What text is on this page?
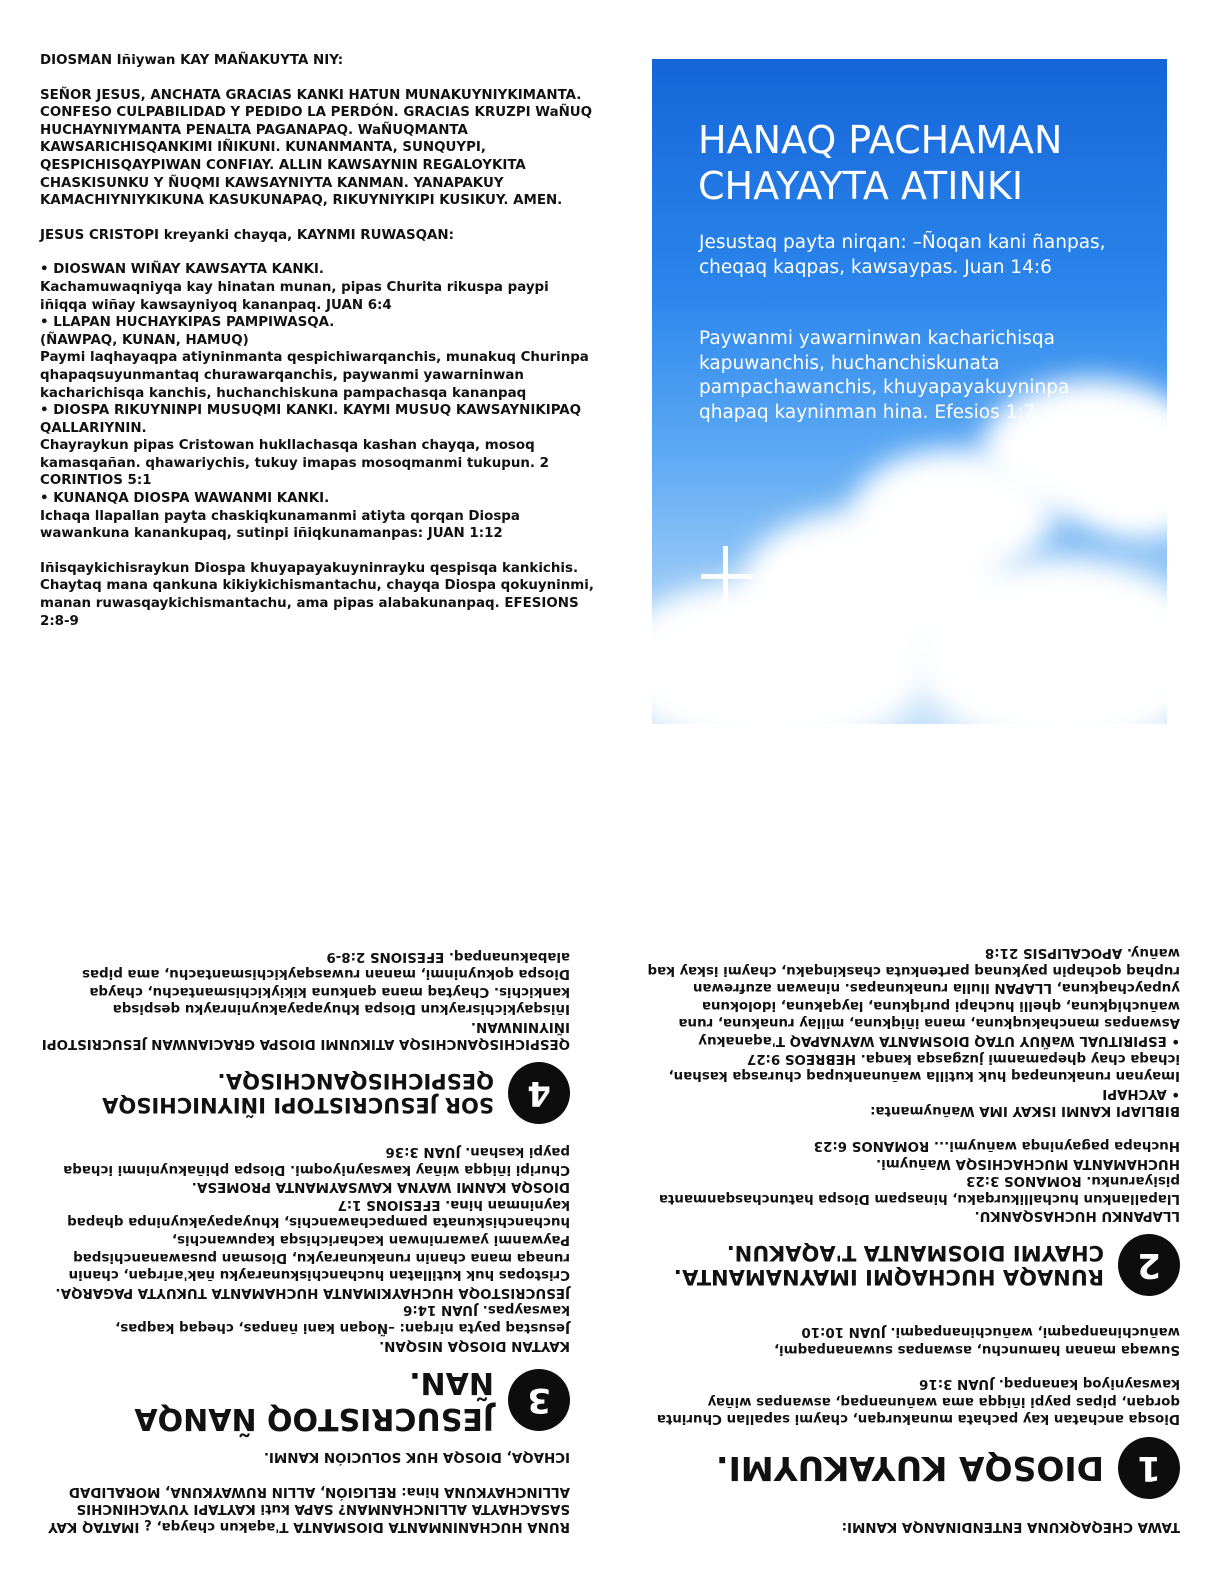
DIOSMAN Iñiywan KAY MAÑAKUYTA NIY:

SEÑOR JESUS, ANCHATA GRACIAS KANKI HATUN MUNAKUYNIYKIMANTA. CONFESO CULPABILIDAD Y PEDIDO LA PERDÓN. GRACIAS KRUZPI WaÑUQ HUCHAYNIYMANTA PENALTA PAGANAPAQ. WaÑUQMANTA KAWSARICHISQANKIMI IÑIKUNI. KUNANMANTA, SUNQUYPI, QESPICHISQAYPIWAN CONFIAY. ALLIN KAWSAYNIN REGALOYKITA CHASKISUNKU Y ÑUQMI KAWSAYNIYTA KANMAN. YANAPAKUY KAMACHIYNIYKIKUNA KASUKUNAPAQ, RIKUYNIYKIPI KUSIKUY. AMEN.

JESUS CRISTOPI kreyanki chayqa, KAYNMI RUWASQAN:

• DIOSWAN WIÑAY KAWSAYTA KANKI.

Kachamuwaqniyqa kay hinatan munan, pipas Churita rikuspa paypi iñiqqa wiñay kawsayniyoq kananpaq. JUAN 6:4

• LLAPAN HUCHAYKIPAS PAMPIWASQA.
(ÑAWPAQ, KUNAN, HAMUQ)

Paymi laqhayaqpa atiyninmanta qespichiwarqanchis, munakuq Churinpa qhapaqsuyunmantaq churawarqanchis, paywanmi yawarninwan kacharichisqa kanchis, huchanchiskuna pampachasqa kananpaq

• DIOSPA RIKUYNINPI MUSUQMI KANKI. KAYMI MUSUQ KAWSAYNIKIPAQ QALLARIYNIN.

Chayraykun pipas Cristowan hukllachasqa kashan chayqa, mosoq kamasqañan. qhawariychis, tukuy imapas mosoqmanmi tukupun. 2 CORINTIOS 5:1

• KUNANQA DIOSPA WAWANMI KANKI.

Ichaqa llapallan payta chaskiqkunamanmi atiyta qorqan Diospa wawankuna kanankupaq, sutinpi iñiqkunamanpas: JUAN 1:12

Iñisqaykichisraykun Diospa khuyapayakuyninrayku qespisqa kankichis. Chaytaq mana qankuna kikiykichismantachu, chayqa Diospa qokuyninmi, manan ruwasqaykichismantachu, ama pipas alabakunanpaq. EFESIONS 2:8-9

HANAQ PACHAMAN CHAYAYTA ATINKI

Jesustaq payta nirqan: –Ñoqan kani ñanpas, cheqaq kaqpas, kawsaypas. Juan 14:6

Paywanmi yawarninwan kacharichisqa kapuwanchis, huchanchiskunata pampachawanchis, khuyapayakuyninpa qhapaq kayninman hina. Efesios 1:7

TAWA CHEQAQKUNA ENTENDINANQA KANMI:

1

DIOSQA KUYAKUYMI.

Diosqa anchatan kay pachata munakurqan, chaymi sapallan Churinta qorqan, pipas paypi iñiqqa ama wañunanpaq, aswanpas wiñay kawsayniyoq kananpaq. JUAN 3:16

Suwaqa manan hamunchu, aswanpas suwananpaqmi, wañuchinanpaqmi, wañuchinanpaqmi. JUAN 10:10

2

RUNAQA HUCHAQMI IMAYNAMANTA. CHAYMI DIOSMANTA T'AQAKUN.

LLAPANKU HUCHASQANKU.

Llapallankun huchallikurqaku, hinaspam Diospa hatunchasqanmanta pisiyarunku. ROMANOS 3:23

HUCHAMANTA MUCHACHISQA Wañuymi.

Huchapa pagayninqa wañuymi... ROMANOS 6:23

BIBLIAPI KANMI ISKAY IMA Wañuymanta:

• AYCHAPI

Imaynan runakunapaq huk kutilla wañunankupaq churasqa kashan, ichaqa chay qhepamanmi juzgasqa kanqa. HEBREOS 9:27

• ESPIRITUAL WaÑUY UTAQ DIOSMANTA WAYNAPAQ T'aqanakuy

Aswanpas manchakuqkuna, mana iñiqkuna, millay runakuna, runa wañuchiqkuna, qhelli huchapi puriqkuna, layqakuna, idolokuna yupaychaqkuna, LLAPAN llulla runakunapas. ninawan azufrewan ruphaq qochapin paykunaq partenkuta chaskinqaku, chaymi iskay kaq wañuy. APOCALIPSIS 21:8

RUNA HUCHANINMANTA DIOSMANTA T'aqakun chayqa, ¿ IMATAQ KAY SASACHAYTA ALLINCHANMAN? SAPA kuti KAYTAPI YUYACHINCHIS ALLINCHAYKUNA hina: RELIGIÓN, ALLIN RUWAYKUNA, MORALIDAD

ICHAQA, DIOSQA HUK SOLUCIÓN KANMI.

3

JESUCRISTOQ ÑANQA ÑAN.

KAYTAN DIOSQA NISQAN.

Jesustaq payta nirqan: –Ñoqan kani ñanpas, cheqaq kaqpas, kawsaypas. JUAN 14:6

JESUCRISTOQA HUCHAYKIMANTA HUCHAMANTA TUKUYTA PAGARQA.

Cristopas huk kutillatan huchanchiskunarayku ñak'arirqan, chanin runaqa mana chanin runakunarayku, Diosman pusawananchispaq

Paywanmi yawarninwan kacharichisqa kapuwanchis, huchanchiskunata pampachawanchis, khuyapayakuyninpa qhapaq kayninman hina. EFESIONS 1:7

DIOSQA KANMI WAYNA KAWSAYMANTA PROMESA.

Churipi iñiqqa wiñay kawsayniyoqmi. Diospa phiñakuyninmi ichaqa paypi kashan. JUAN 3:36

4

SOR JESUCRISTOPI IÑIYNICHISQA QESPICHISQANCHISQA.

QESPICHISQANCHISQA ATIKUNMI DIOSPA GRACIANWAN JESUCRISTOPI IÑIYNINWAN.

Iñisqaykichisraykun Diospa khuyapayakuyninrayku qespisqa kankichis. Chaytaq mana qankuna kikiykichismantachu, chayqa Diospa qokuyninmi, manan ruwasqaykichismantachu, ama pipas alabakunanpaq. EFESIONS 2:8-9
